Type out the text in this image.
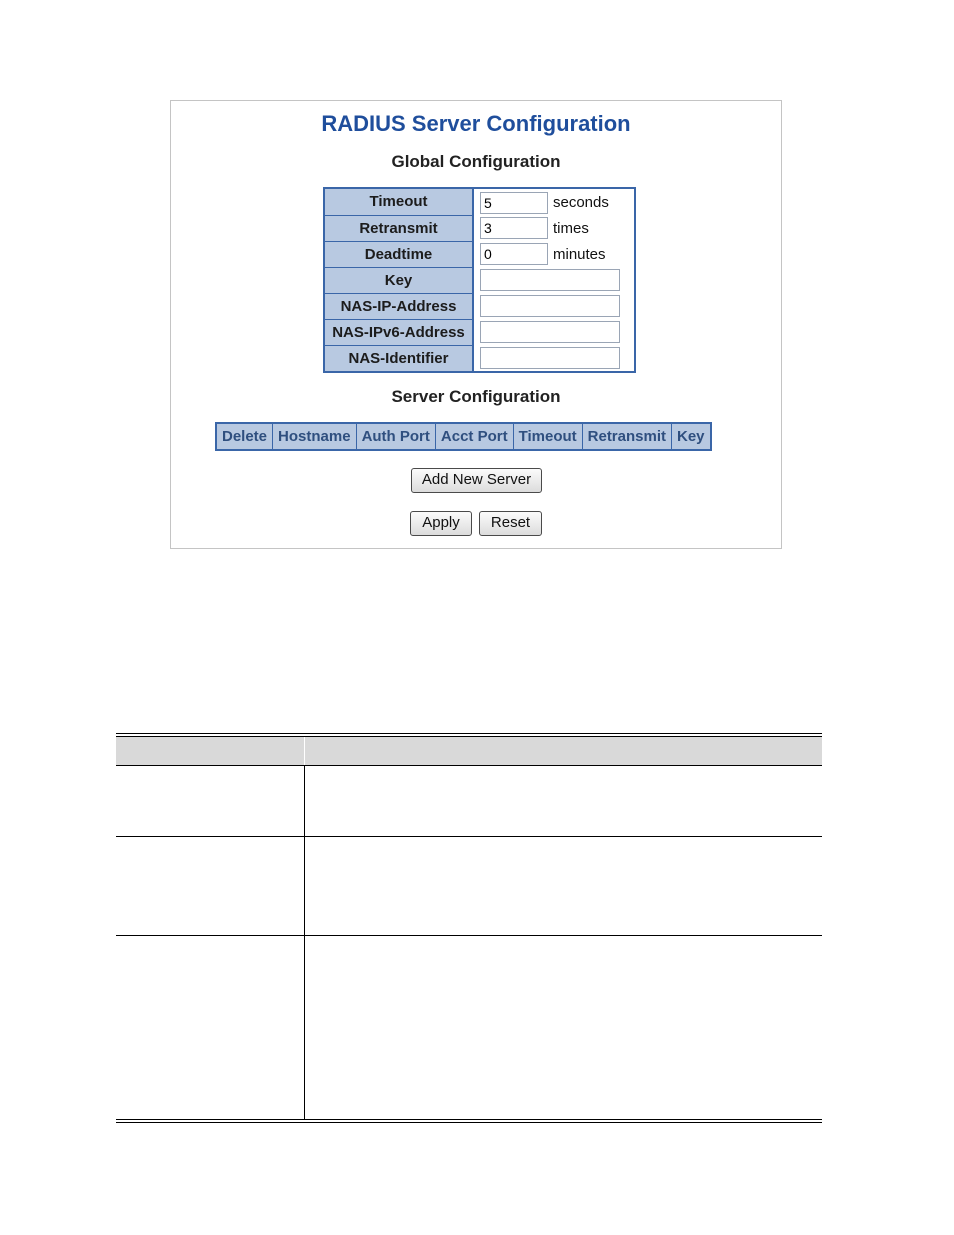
RADIUS Server Configuration
Global Configuration
Timeout	5 seconds
Retransmit	3 times
Deadtime	0 minutes
Key	
NAS-IP-Address	
NAS-IPv6-Address	
NAS-Identifier	
Server Configuration
Delete	Hostname	Auth Port	Acct Port	Timeout	Retransmit	Key
Add New Server
Apply	Reset
